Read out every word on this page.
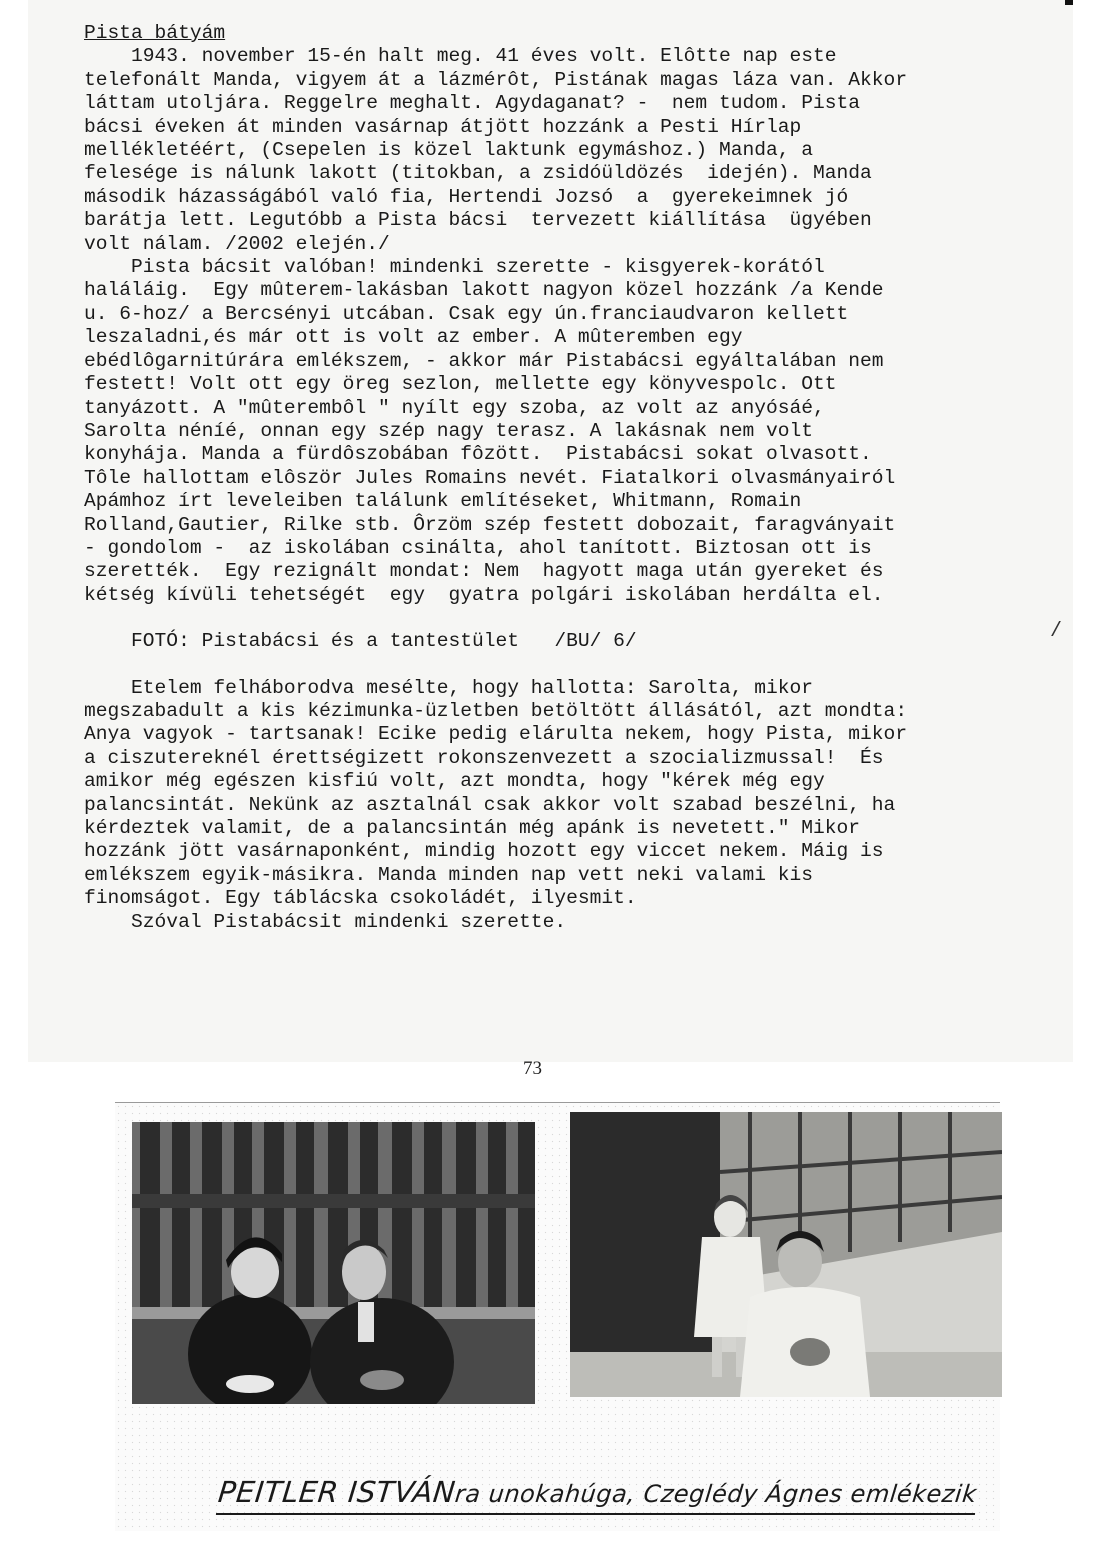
Pista bátyám
1943. november 15-én halt meg. 41 éves volt. Elôtte nap este
telefonált Manda, vigyem át a lázmérôt, Pistának magas láza van. Akkor
láttam utoljára. Reggelre meghalt. Agydaganat? -  nem tudom. Pista
bácsi éveken át minden vasárnap átjött hozzánk a Pesti Hírlap
mellékletéért, (Csepelen is közel laktunk egymáshoz.) Manda, a
felesége is nálunk lakott (titokban, a zsidóüldözés  idején). Manda
második házasságából való fia, Hertendi Jozsó  a  gyerekeimnek jó
barátja lett. Legutóbb a Pista bácsi  tervezett kiállítása  ügyében
volt nálam. /2002 elején./
Pista bácsit valóban! mindenki szerette - kisgyerek-korától
haláláig.  Egy mûterem-lakásban lakott nagyon közel hozzánk /a Kende
u. 6-hoz/ a Bercsényi utcában. Csak egy ún.franciaudvaron kellett
leszaladni,és már ott is volt az ember. A mûteremben egy
ebédlôgarnitúrára emlékszem, - akkor már Pistabácsi egyáltalában nem
festett! Volt ott egy öreg sezlon, mellette egy könyvespolc. Ott
tanyázott. A "mûterembôl " nyílt egy szoba, az volt az anyósáé,
Sarolta néníé, onnan egy szép nagy terasz. A lakásnak nem volt
konyhája. Manda a fürdôszobában fôzött.  Pistabácsi sokat olvasott.
Tôle hallottam elôször Jules Romains nevét. Fiatalkori olvasmányairól
Apámhoz írt leveleiben találunk említéseket, Whitmann, Romain
Rolland,Gautier, Rilke stb. Ôrzöm szép festett dobozait, faragványait
- gondolom -  az iskolában csinálta, ahol tanított. Biztosan ott is
szerették.  Egy rezignált mondat: Nem  hagyott maga után gyereket és
kétség kívüli tehetségét  egy  gyatra polgári iskolában herdálta el.
FOTÓ: Pistabácsi és a tantestület   /BU/ 6/
Etelem felháborodva mesélte, hogy hallotta: Sarolta, mikor
megszabadult a kis kézimunka-üzletben betöltött állásától, azt mondta:
Anya vagyok - tartsanak! Ecike pedig elárulta nekem, hogy Pista, mikor
a ciszutereknél érettségizett rokonszenvezett a szocializmussal!  És
amikor még egészen kisfiú volt, azt mondta, hogy "kérek még egy
palancsintát. Nekünk az asztalnál csak akkor volt szabad beszélni, ha
kérdeztek valamit, de a palancsintán még apánk is nevetett." Mikor
hozzánk jött vasárnaponként, mindig hozott egy viccet nekem. Máig is
emlékszem egyik-másikra. Manda minden nap vett neki valami kis
finomságot. Egy táblácska csokoládét, ilyesmit.
Szóval Pistabácsit mindenki szerette.
/
73
PEITLER ISTVÁNra unokahúga, Czeglédy Ágnes emlékezik
